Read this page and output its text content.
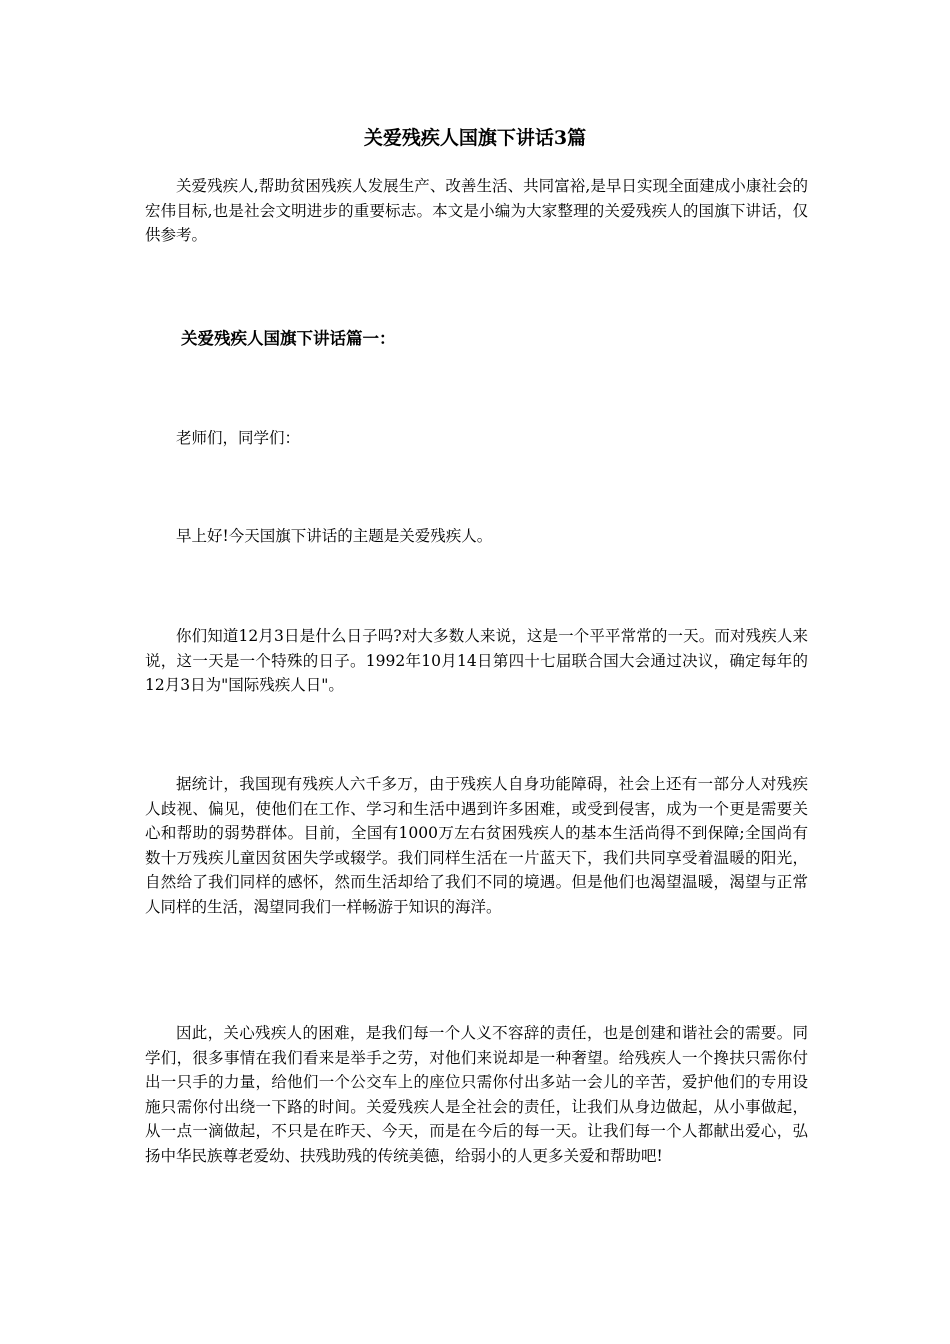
关爱残疾人国旗下讲话3篇

关爱残疾人,帮助贫困残疾人发展生产、改善生活、共同富裕,是早日实现全面建成小康社会的宏伟目标,也是社会文明进步的重要标志。本文是小编为大家整理的关爱残疾人的国旗下讲话，仅供参考。

关爱残疾人国旗下讲话篇一：

老师们，同学们：

早上好!今天国旗下讲话的主题是关爱残疾人。

你们知道12月3日是什么日子吗?对大多数人来说，这是一个平平常常的一天。而对残疾人来说，这一天是一个特殊的日子。1992年10月14日第四十七届联合国大会通过决议，确定每年的12月3日为"国际残疾人日"。

据统计，我国现有残疾人六千多万，由于残疾人自身功能障碍，社会上还有一部分人对残疾人歧视、偏见，使他们在工作、学习和生活中遇到许多困难，或受到侵害，成为一个更是需要关心和帮助的弱势群体。目前，全国有1000万左右贫困残疾人的基本生活尚得不到保障;全国尚有数十万残疾儿童因贫困失学或辍学。我们同样生活在一片蓝天下，我们共同享受着温暖的阳光，自然给了我们同样的感怀，然而生活却给了我们不同的境遇。但是他们也渴望温暖，渴望与正常人同样的生活，渴望同我们一样畅游于知识的海洋。

因此，关心残疾人的困难，是我们每一个人义不容辞的责任，也是创建和谐社会的需要。同学们，很多事情在我们看来是举手之劳，对他们来说却是一种奢望。给残疾人一个搀扶只需你付出一只手的力量，给他们一个公交车上的座位只需你付出多站一会儿的辛苦，爱护他们的专用设施只需你付出绕一下路的时间。关爱残疾人是全社会的责任，让我们从身边做起，从小事做起，从一点一滴做起，不只是在昨天、今天，而是在今后的每一天。让我们每一个人都献出爱心，弘扬中华民族尊老爱幼、扶残助残的传统美德，给弱小的人更多关爱和帮助吧!
